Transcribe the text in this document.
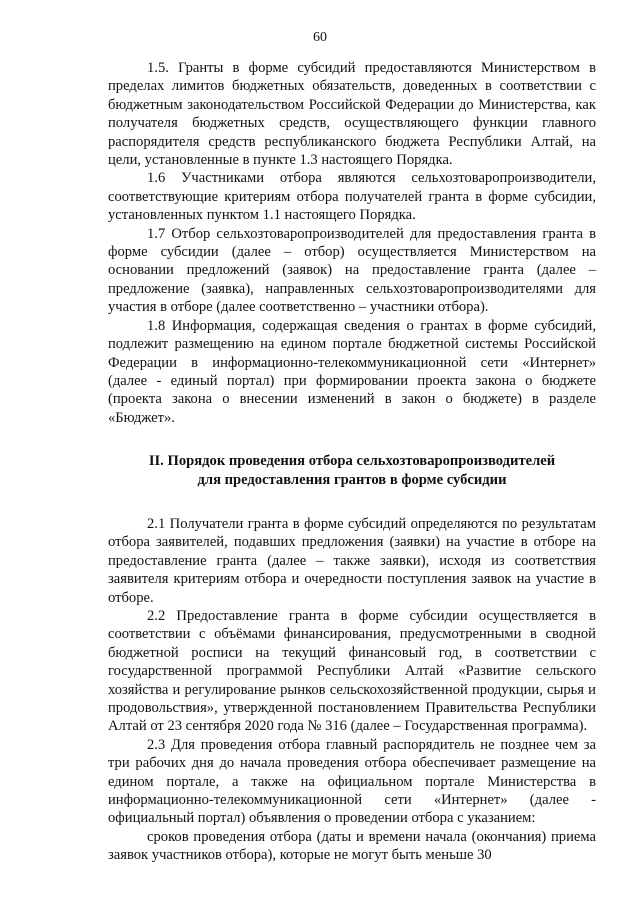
60

1.5. Гранты в форме субсидий предоставляются Министерством в пределах лимитов бюджетных обязательств, доведенных в соответствии с бюджетным законодательством Российской Федерации до Министерства, как получателя бюджетных средств, осуществляющего функции главного распорядителя средств республиканского бюджета Республики Алтай, на цели, установленные в пункте 1.3 настоящего Порядка.

1.6 Участниками отбора являются сельхозтоваропроизводители, соответствующие критериям отбора получателей гранта в форме субсидии, установленных пунктом 1.1 настоящего Порядка.

1.7 Отбор сельхозтоваропроизводителей для предоставления гранта в форме субсидии (далее – отбор) осуществляется Министерством на основании предложений (заявок) на предоставление гранта (далее – предложение (заявка), направленных сельхозтоваропроизводителями для участия в отборе (далее соответственно – участники отбора).

1.8 Информация, содержащая сведения о грантах в форме субсидий, подлежит размещению на едином портале бюджетной системы Российской Федерации в информационно-телекоммуникационной сети «Интернет» (далее - единый портал) при формировании проекта закона о бюджете (проекта закона о внесении изменений в закон о бюджете) в разделе «Бюджет».

II. Порядок проведения отбора сельхозтоваропроизводителей
для предоставления грантов в форме субсидии

2.1 Получатели гранта в форме субсидий определяются по результатам отбора заявителей, подавших предложения (заявки) на участие в отборе на предоставление гранта (далее – также заявки), исходя из соответствия заявителя критериям отбора и очередности поступления заявок на участие в отборе.

2.2 Предоставление гранта в форме субсидии осуществляется в соответствии с объёмами финансирования, предусмотренными в сводной бюджетной росписи на текущий финансовый год, в соответствии с государственной программой Республики Алтай «Развитие сельского хозяйства и регулирование рынков сельскохозяйственной продукции, сырья и продовольствия», утвержденной постановлением Правительства Республики Алтай от 23 сентября 2020 года № 316 (далее – Государственная программа).

2.3 Для проведения отбора главный распорядитель не позднее чем за три рабочих дня до начала проведения отбора обеспечивает размещение на едином портале, а также на официальном портале Министерства в информационно-телекоммуникационной сети «Интернет» (далее - официальный портал) объявления о проведении отбора с указанием:

сроков проведения отбора (даты и времени начала (окончания) приема заявок участников отбора), которые не могут быть меньше 30
